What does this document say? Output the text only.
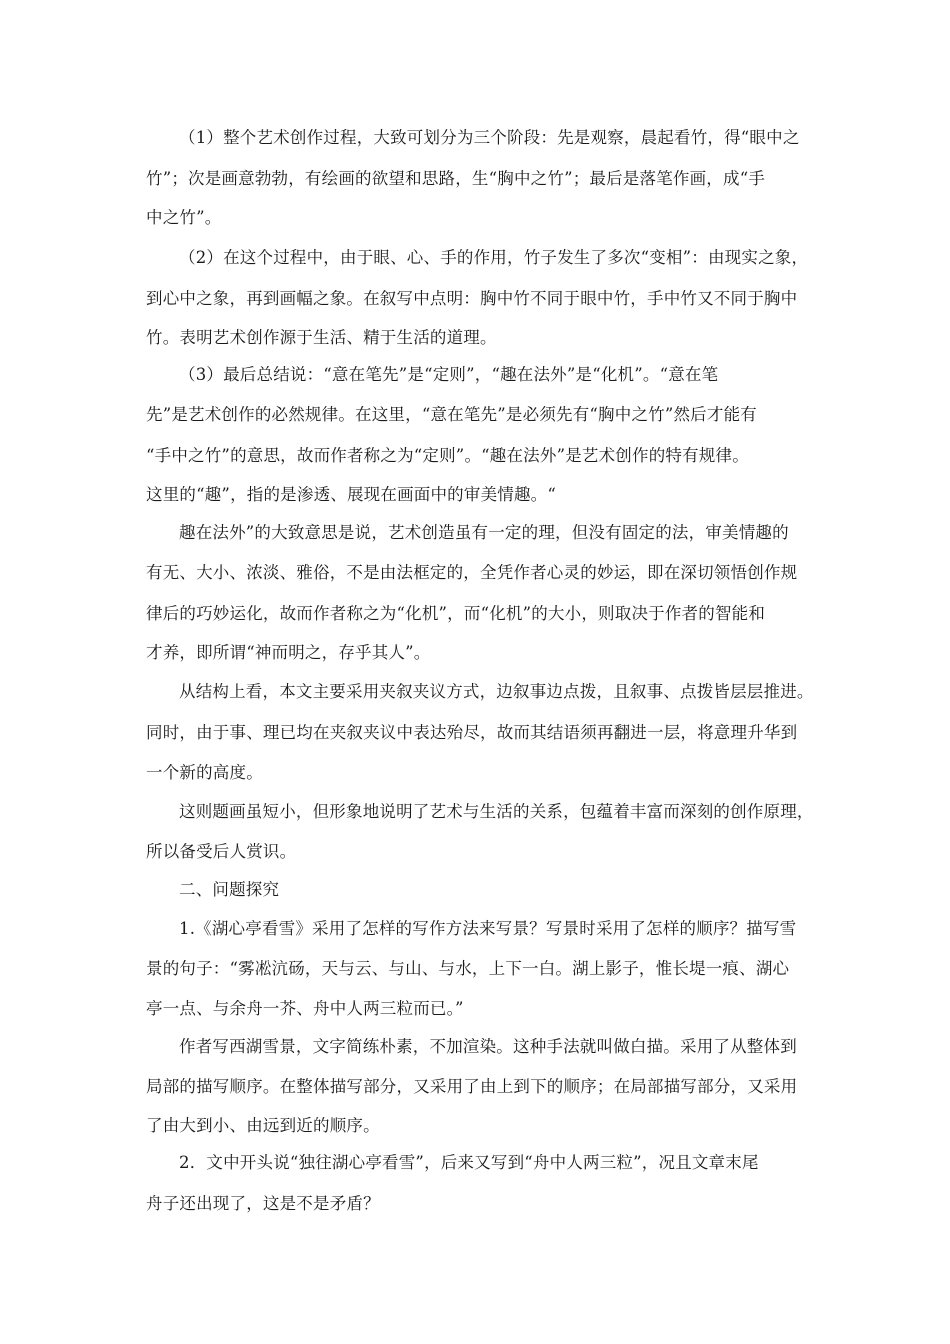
（1）整个艺术创作过程，大致可划分为三个阶段：先是观察，晨起看竹，得“眼中之
竹”；次是画意勃勃，有绘画的欲望和思路，生“胸中之竹”；最后是落笔作画，成“手
中之竹”。
（2）在这个过程中，由于眼、心、手的作用，竹子发生了多次“变相”：由现实之象，
到心中之象，再到画幅之象。在叙写中点明：胸中竹不同于眼中竹，手中竹又不同于胸中
竹。表明艺术创作源于生活、精于生活的道理。
（3）最后总结说：“意在笔先”是“定则”，“趣在法外”是“化机”。“意在笔
先”是艺术创作的必然规律。在这里，“意在笔先”是必须先有“胸中之竹”然后才能有
“手中之竹”的意思，故而作者称之为“定则”。“趣在法外”是艺术创作的特有规律。
这里的“趣”，指的是渗透、展现在画面中的审美情趣。“
趣在法外”的大致意思是说，艺术创造虽有一定的理，但没有固定的法，审美情趣的
有无、大小、浓淡、雅俗，不是由法框定的，全凭作者心灵的妙运，即在深切领悟创作规
律后的巧妙运化，故而作者称之为“化机”，而“化机”的大小，则取决于作者的智能和
才养，即所谓“神而明之，存乎其人”。
从结构上看，本文主要采用夹叙夹议方式，边叙事边点拨，且叙事、点拨皆层层推进。
同时，由于事、理已均在夹叙夹议中表达殆尽，故而其结语须再翻进一层，将意理升华到
一个新的高度。
这则题画虽短小，但形象地说明了艺术与生活的关系，包蕴着丰富而深刻的创作原理，
所以备受后人赏识。
二、问题探究
1.《湖心亭看雪》采用了怎样的写作方法来写景？写景时采用了怎样的顺序？描写雪
景的句子：“雾凇沆砀，天与云、与山、与水，上下一白。湖上影子，惟长堤一痕、湖心
亭一点、与余舟一芥、舟中人两三粒而已。”
作者写西湖雪景，文字简练朴素，不加渲染。这种手法就叫做白描。采用了从整体到
局部的描写顺序。在整体描写部分，又采用了由上到下的顺序；在局部描写部分，又采用
了由大到小、由远到近的顺序。
2．文中开头说“独往湖心亭看雪”，后来又写到“舟中人两三粒”，况且文章末尾
舟子还出现了，这是不是矛盾？
